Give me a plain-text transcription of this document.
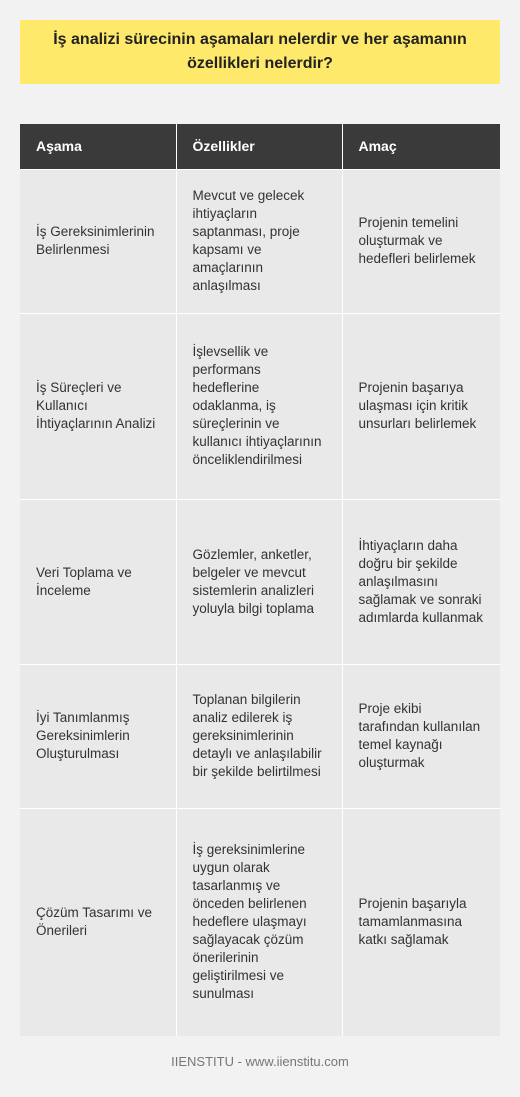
İş analizi sürecinin aşamaları nelerdir ve her aşamanın özellikleri nelerdir?
Aşama	Özellikler	Amaç
İş Gereksinimlerinin Belirlenmesi	Mevcut ve gelecek ihtiyaçların saptanması, proje kapsamı ve amaçlarının anlaşılması	Projenin temelini oluşturmak ve hedefleri belirlemek
İş Süreçleri ve Kullanıcı İhtiyaçlarının Analizi	İşlevsellik ve performans hedeflerine odaklanma, iş süreçlerinin ve kullanıcı ihtiyaçlarının önceliklendirilmesi	Projenin başarıya ulaşması için kritik unsurları belirlemek
Veri Toplama ve İnceleme	Gözlemler, anketler, belgeler ve mevcut sistemlerin analizleri yoluyla bilgi toplama	İhtiyaçların daha doğru bir şekilde anlaşılmasını sağlamak ve sonraki adımlarda kullanmak
İyi Tanımlanmış Gereksinimlerin Oluşturulması	Toplanan bilgilerin analiz edilerek iş gereksinimlerinin detaylı ve anlaşılabilir bir şekilde belirtilmesi	Proje ekibi tarafından kullanılan temel kaynağı oluşturmak
Çözüm Tasarımı ve Önerileri	İş gereksinimlerine uygun olarak tasarlanmış ve önceden belirlenen hedeflere ulaşmayı sağlayacak çözüm önerilerinin geliştirilmesi ve sunulması	Projenin başarıyla tamamlanmasına katkı sağlamak
IIENSTITU - www.iienstitu.com
